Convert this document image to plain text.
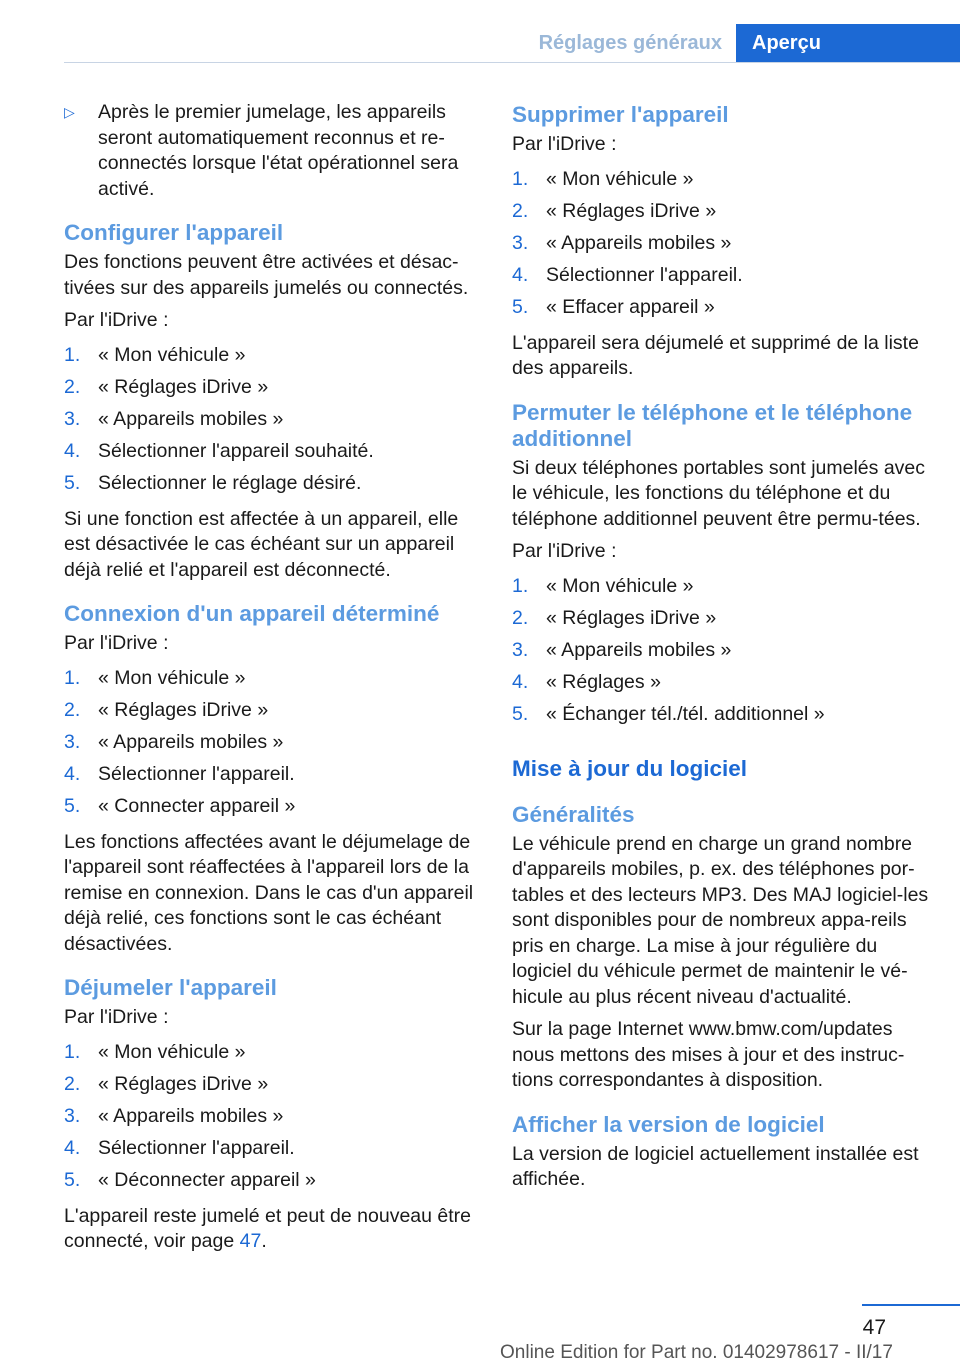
Réglages généraux	Aperçu
▷	Après le premier jumelage, les appareils seront automatiquement reconnus et re‐connectés lorsque l'état opérationnel sera activé.
Configurer l'appareil

Des fonctions peuvent être activées et désac‐tivées sur des appareils jumelés ou connectés.

Par l'iDrive :

1. « Mon véhicule »
2. « Réglages iDrive »
3. « Appareils mobiles »
4. Sélectionner l'appareil souhaité.
5. Sélectionner le réglage désiré.

Si une fonction est affectée à un appareil, elle est désactivée le cas échéant sur un appareil déjà relié et l'appareil est déconnecté.

Connexion d'un appareil déterminé

Par l'iDrive :

1. « Mon véhicule »
2. « Réglages iDrive »
3. « Appareils mobiles »
4. Sélectionner l'appareil.
5. « Connecter appareil »

Les fonctions affectées avant le déjumelage de l'appareil sont réaffectées à l'appareil lors de la remise en connexion. Dans le cas d'un appareil déjà relié, ces fonctions sont le cas échéant désactivées.

Déjumeler l'appareil

Par l'iDrive :

1. « Mon véhicule »
2. « Réglages iDrive »
3. « Appareils mobiles »
4. Sélectionner l'appareil.
5. « Déconnecter appareil »

L'appareil reste jumelé et peut de nouveau être connecté, voir page 47.

Supprimer l'appareil

Par l'iDrive :

1. « Mon véhicule »
2. « Réglages iDrive »
3. « Appareils mobiles »
4. Sélectionner l'appareil.
5. « Effacer appareil »

L'appareil sera déjumelé et supprimé de la liste des appareils.

Permuter le téléphone et le téléphone additionnel

Si deux téléphones portables sont jumelés avec le véhicule, les fonctions du téléphone et du téléphone additionnel peuvent être permu‐tées.

Par l'iDrive :

1. « Mon véhicule »
2. « Réglages iDrive »
3. « Appareils mobiles »
4. « Réglages »
5. « Échanger tél./tél. additionnel »
Mise à jour du logiciel
Généralités

Le véhicule prend en charge un grand nombre d'appareils mobiles, p. ex. des téléphones por‐tables et des lecteurs MP3. Des MAJ logiciel‐les sont disponibles pour de nombreux appa‐reils pris en charge. La mise à jour régulière du logiciel du véhicule permet de maintenir le vé‐hicule au plus récent niveau d'actualité.

Sur la page Internet www.bmw.com/updates nous mettons des mises à jour et des instruc‐tions correspondantes à disposition.

Afficher la version de logiciel

La version de logiciel actuellement installée est affichée.

47
Online Edition for Part no. 01402978617 - II/17
